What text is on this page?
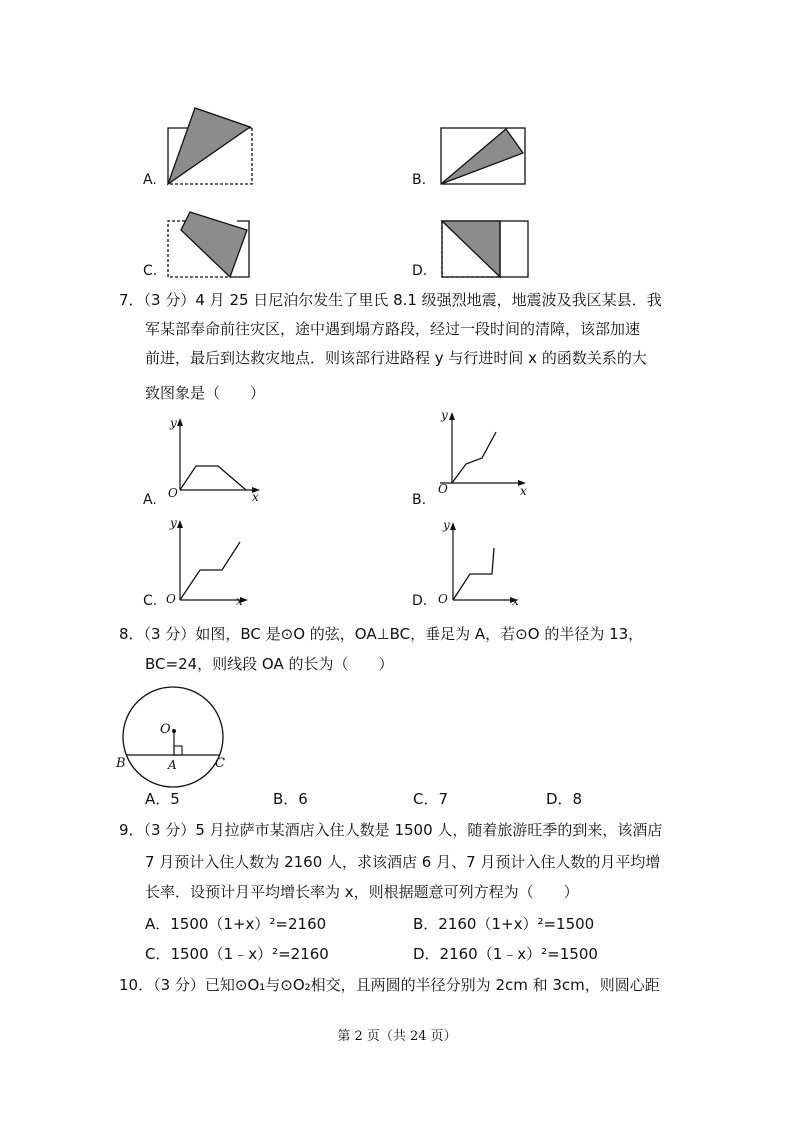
A.	B.
C.	D.
7．（3 分）4 月 25 日尼泊尔发生了里氏 8.1 级强烈地震，地震波及我区某县．我
军某部奉命前往灾区，途中遇到塌方路段，经过一段时间的清障，该部加速
前进，最后到达救灾地点．则该部行进路程 y 与行进时间 x 的函数关系的大
致图象是（　　）
A.
y
O	x	B.
y
O	x
C.
y
O	x	D.
y
O	x
8．（3 分）如图，BC 是⊙O 的弦，OA⊥BC，垂足为 A，若⊙O 的半径为 13，
BC=24，则线段 OA 的长为（　　）
O
A
B	C
A．5	B．6	C．7	D．8
9．（3 分）5 月拉萨市某酒店入住人数是 1500 人，随着旅游旺季的到来，该酒店
7 月预计入住人数为 2160 人，求该酒店 6 月、7 月预计入住人数的月平均增
长率．设预计月平均增长率为 x，则根据题意可列方程为（　　）
A．1500（1+x）²=2160	B．2160（1+x）²=1500
C．1500（1﹣x）²=2160	D．2160（1﹣x）²=1500
10．（3 分）已知⊙O₁与⊙O₂相交，且两圆的半径分别为 2cm 和 3cm，则圆心距
第 2 页（共 24 页）
